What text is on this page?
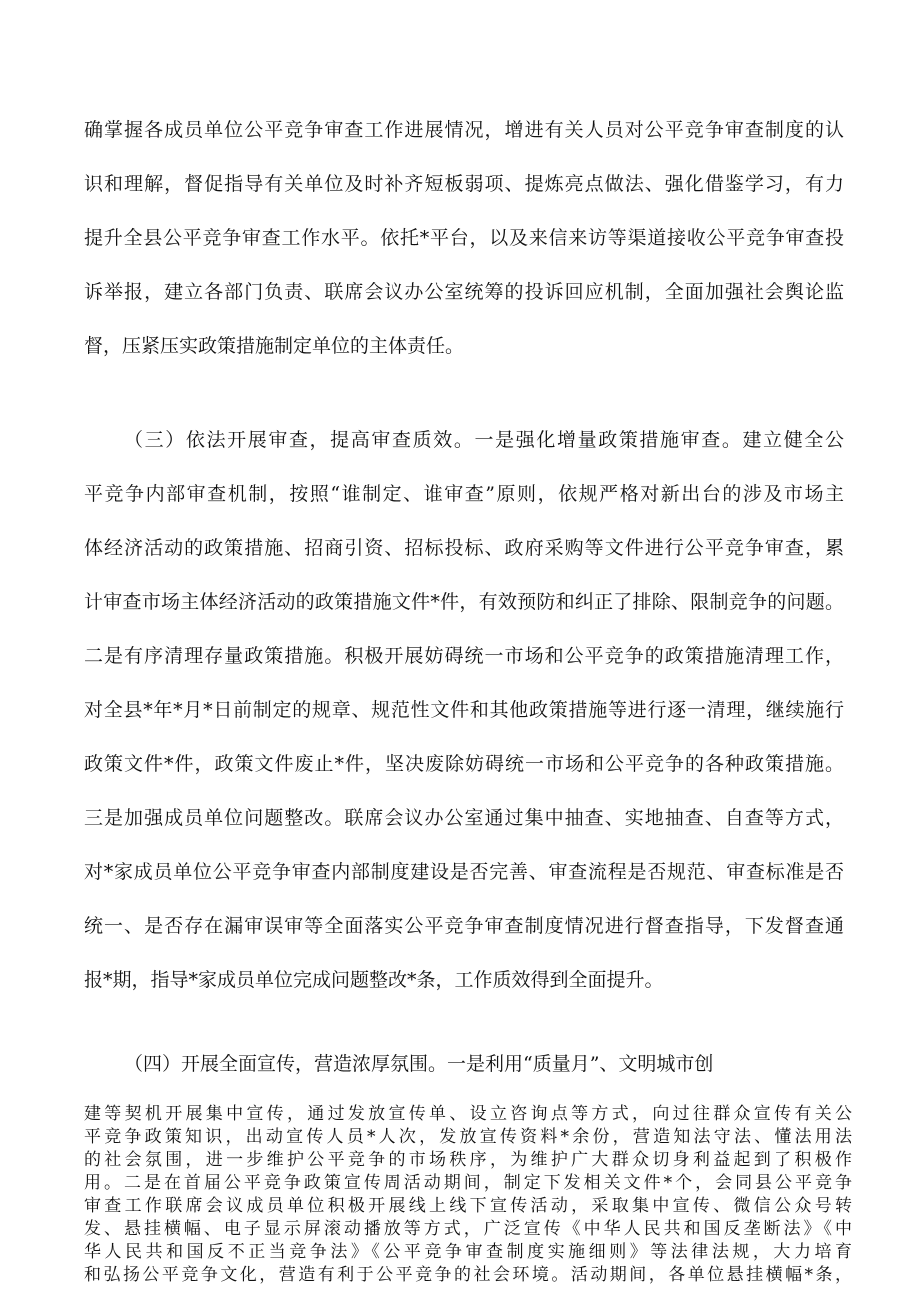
确掌握各成员单位公平竞争审查工作进展情况，增进有关人员对公平竞争审查制度的认
识和理解，督促指导有关单位及时补齐短板弱项、提炼亮点做法、强化借鉴学习，有力
提升全县公平竞争审查工作水平。依托*平台，以及来信来访等渠道接收公平竞争审查投
诉举报，建立各部门负责、联席会议办公室统筹的投诉回应机制，全面加强社会舆论监
督，压紧压实政策措施制定单位的主体责任。
（三）依法开展审查，提高审查质效。一是强化增量政策措施审查。建立健全公
平竞争内部审查机制，按照“谁制定、谁审查”原则，依规严格对新出台的涉及市场主
体经济活动的政策措施、招商引资、招标投标、政府采购等文件进行公平竞争审查，累
计审查市场主体经济活动的政策措施文件*件，有效预防和纠正了排除、限制竞争的问题。
二是有序清理存量政策措施。积极开展妨碍统一市场和公平竞争的政策措施清理工作，
对全县*年*月*日前制定的规章、规范性文件和其他政策措施等进行逐一清理，继续施行
政策文件*件，政策文件废止*件，坚决废除妨碍统一市场和公平竞争的各种政策措施。
三是加强成员单位问题整改。联席会议办公室通过集中抽查、实地抽查、自查等方式，
对*家成员单位公平竞争审查内部制度建设是否完善、审查流程是否规范、审查标准是否
统一、是否存在漏审误审等全面落实公平竞争审查制度情况进行督查指导，下发督查通
报*期，指导*家成员单位完成问题整改*条，工作质效得到全面提升。
（四）开展全面宣传，营造浓厚氛围。一是利用“质量月”、文明城市创
建等契机开展集中宣传，通过发放宣传单、设立咨询点等方式，向过往群众宣传有关公
平竞争政策知识，出动宣传人员*人次，发放宣传资料*余份，营造知法守法、懂法用法
的社会氛围，进一步维护公平竞争的市场秩序，为维护广大群众切身利益起到了积极作
用。二是在首届公平竞争政策宣传周活动期间，制定下发相关文件*个，会同县公平竞争
审查工作联席会议成员单位积极开展线上线下宣传活动，采取集中宣传、微信公众号转
发、悬挂横幅、电子显示屏滚动播放等方式，广泛宣传《中华人民共和国反垄断法》《中
华人民共和国反不正当竞争法》《公平竞争审查制度实施细则》等法律法规，大力培育
和弘扬公平竞争文化，营造有利于公平竞争的社会环境。活动期间，各单位悬挂横幅*条，
